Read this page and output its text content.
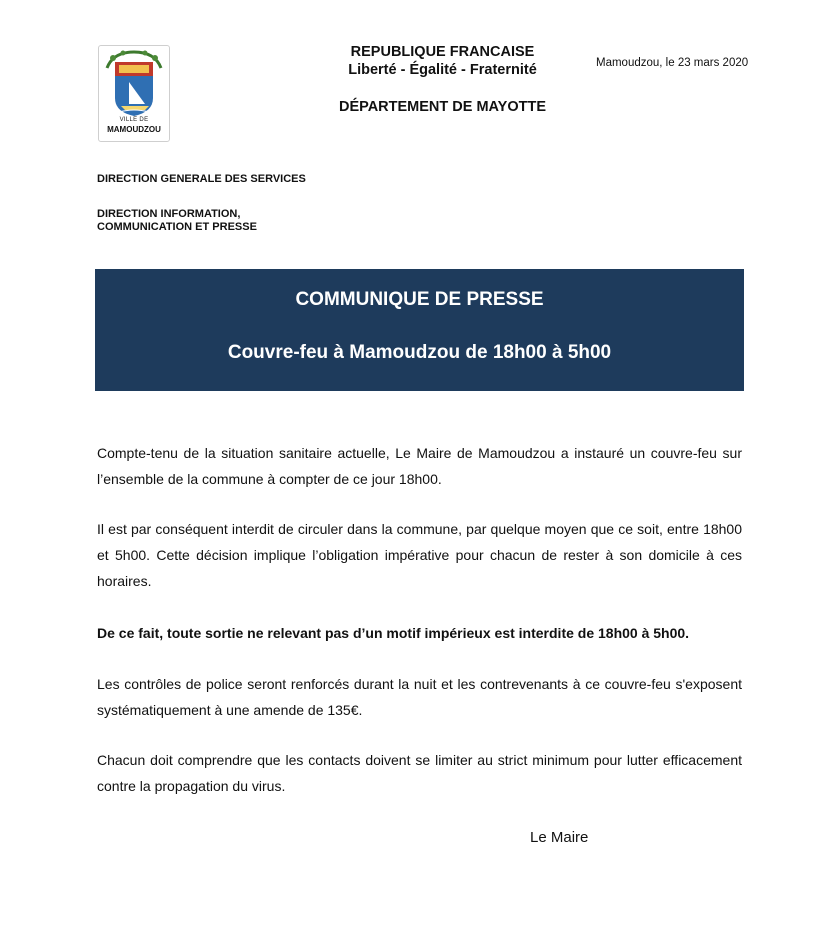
VILLE DE
MAMOUDZOU
REPUBLIQUE FRANCAISE
Liberté - Égalité - Fraternité
DÉPARTEMENT DE MAYOTTE
Mamoudzou, le 23 mars 2020
DIRECTION GENERALE DES SERVICES
DIRECTION INFORMATION,
COMMUNICATION ET PRESSE
COMMUNIQUE DE PRESSE
Couvre-feu à Mamoudzou de 18h00 à 5h00
Compte-tenu de la situation sanitaire actuelle, Le Maire de Mamoudzou a instauré un couvre-feu sur l’ensemble de la commune à compter de ce jour 18h00.
Il est par conséquent interdit de circuler dans la commune, par quelque moyen que ce soit, entre 18h00 et 5h00. Cette décision implique l’obligation impérative pour chacun de rester à son domicile à ces horaires.
De ce fait, toute sortie ne relevant pas d’un motif impérieux est interdite de 18h00 à 5h00.
Les contrôles de police seront renforcés durant la nuit et les contrevenants à ce couvre-feu s'exposent systématiquement à une amende de 135€.
Chacun doit comprendre que les contacts doivent se limiter au strict minimum pour lutter efficacement contre la propagation du virus.
Le Maire
